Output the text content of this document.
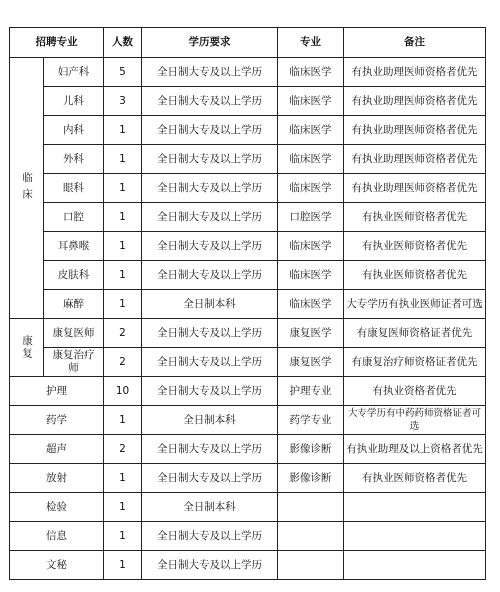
招聘专业		人数	学历要求	专业	备注
临床	妇产科	5	全日制大专及以上学历	临床医学	有执业助理医师资格者优先
	儿科	3	全日制大专及以上学历	临床医学	有执业助理医师资格者优先
	内科	1	全日制大专及以上学历	临床医学	有执业助理医师资格者优先
	外科	1	全日制大专及以上学历	临床医学	有执业助理医师资格者优先
	眼科	1	全日制大专及以上学历	临床医学	有执业助理医师资格者优先
	口腔	1	全日制大专及以上学历	口腔医学	有执业医师资格者优先
	耳鼻喉	1	全日制大专及以上学历	临床医学	有执业医师资格者优先
	皮肤科	1	全日制大专及以上学历	临床医学	有执业医师资格者优先
	麻醉	1	全日制本科	临床医学	大专学历有执业医师证者可选
康复	康复医师	2	全日制大专及以上学历	康复医学	有康复医师资格证者优先
	康复治疗师	2	全日制大专及以上学历	康复医学	有康复治疗师资格证者优先
护理		10	全日制大专及以上学历	护理专业	有执业资格者优先
药学		1	全日制本科	药学专业	大专学历有中药药师资格证者可选
超声		2	全日制大专及以上学历	影像诊断	有执业助理及以上资格者优先
放射		1	全日制大专及以上学历	影像诊断	有执业医师资格者优先
检验		1	全日制本科		
信息		1	全日制大专及以上学历		
文秘		1	全日制大专及以上学历		
